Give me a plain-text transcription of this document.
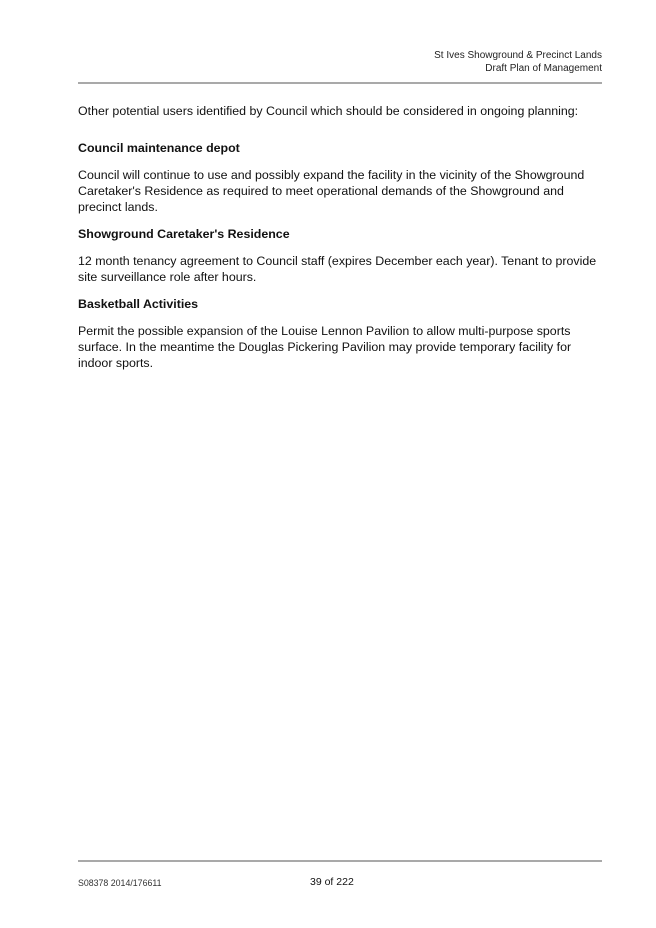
St Ives Showground & Precinct Lands
Draft Plan of Management

Other potential users identified by Council which should be considered in ongoing planning:

Council maintenance depot

Council will continue to use and possibly expand the facility in the vicinity of the Showground Caretaker's Residence as required to meet operational demands of the Showground and precinct lands.

Showground Caretaker's Residence

12 month tenancy agreement to Council staff (expires December each year). Tenant to provide site surveillance role after hours.

Basketball Activities

Permit the possible expansion of the Louise Lennon Pavilion to allow multi-purpose sports surface. In the meantime the Douglas Pickering Pavilion may provide temporary facility for indoor sports.

S08378 2014/176611	39 of 222
